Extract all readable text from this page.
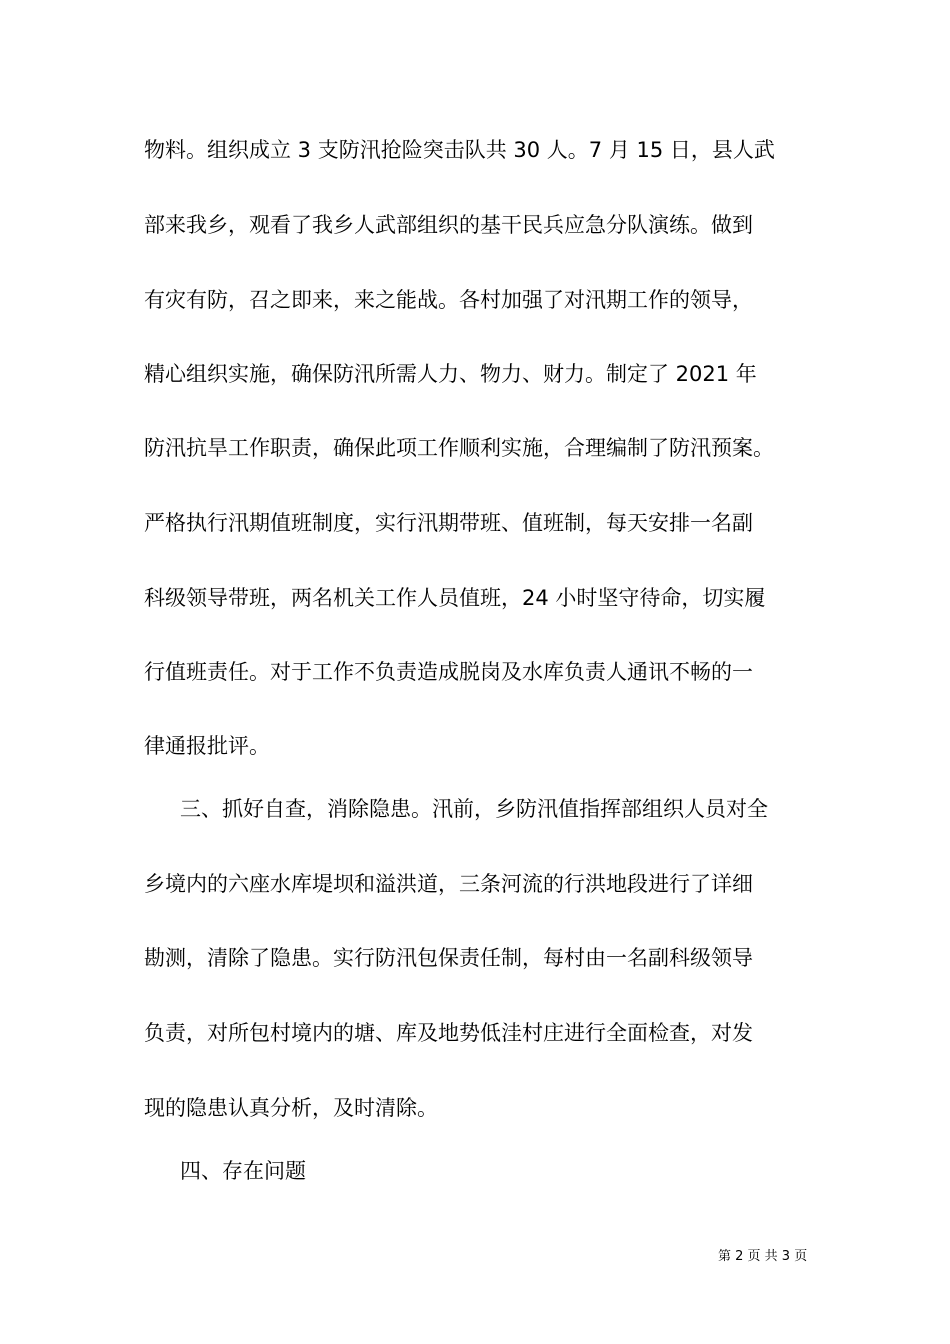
物料。组织成立 3 支防汛抢险突击队共 30 人。7 月 15 日，县人武
部来我乡，观看了我乡人武部组织的基干民兵应急分队演练。做到
有灾有防，召之即来，来之能战。各村加强了对汛期工作的领导，
精心组织实施，确保防汛所需人力、物力、财力。制定了 2021 年
防汛抗旱工作职责，确保此项工作顺利实施，合理编制了防汛预案。
严格执行汛期值班制度，实行汛期带班、值班制，每天安排一名副
科级领导带班，两名机关工作人员值班，24 小时坚守待命，切实履
行值班责任。对于工作不负责造成脱岗及水库负责人通讯不畅的一
律通报批评。
三、抓好自查，消除隐患。汛前，乡防汛值指挥部组织人员对全
乡境内的六座水库堤坝和溢洪道，三条河流的行洪地段进行了详细
勘测，清除了隐患。实行防汛包保责任制，每村由一名副科级领导
负责，对所包村境内的塘、库及地势低洼村庄进行全面检查，对发
现的隐患认真分析，及时清除。
四、存在问题
第 2 页 共 3 页
